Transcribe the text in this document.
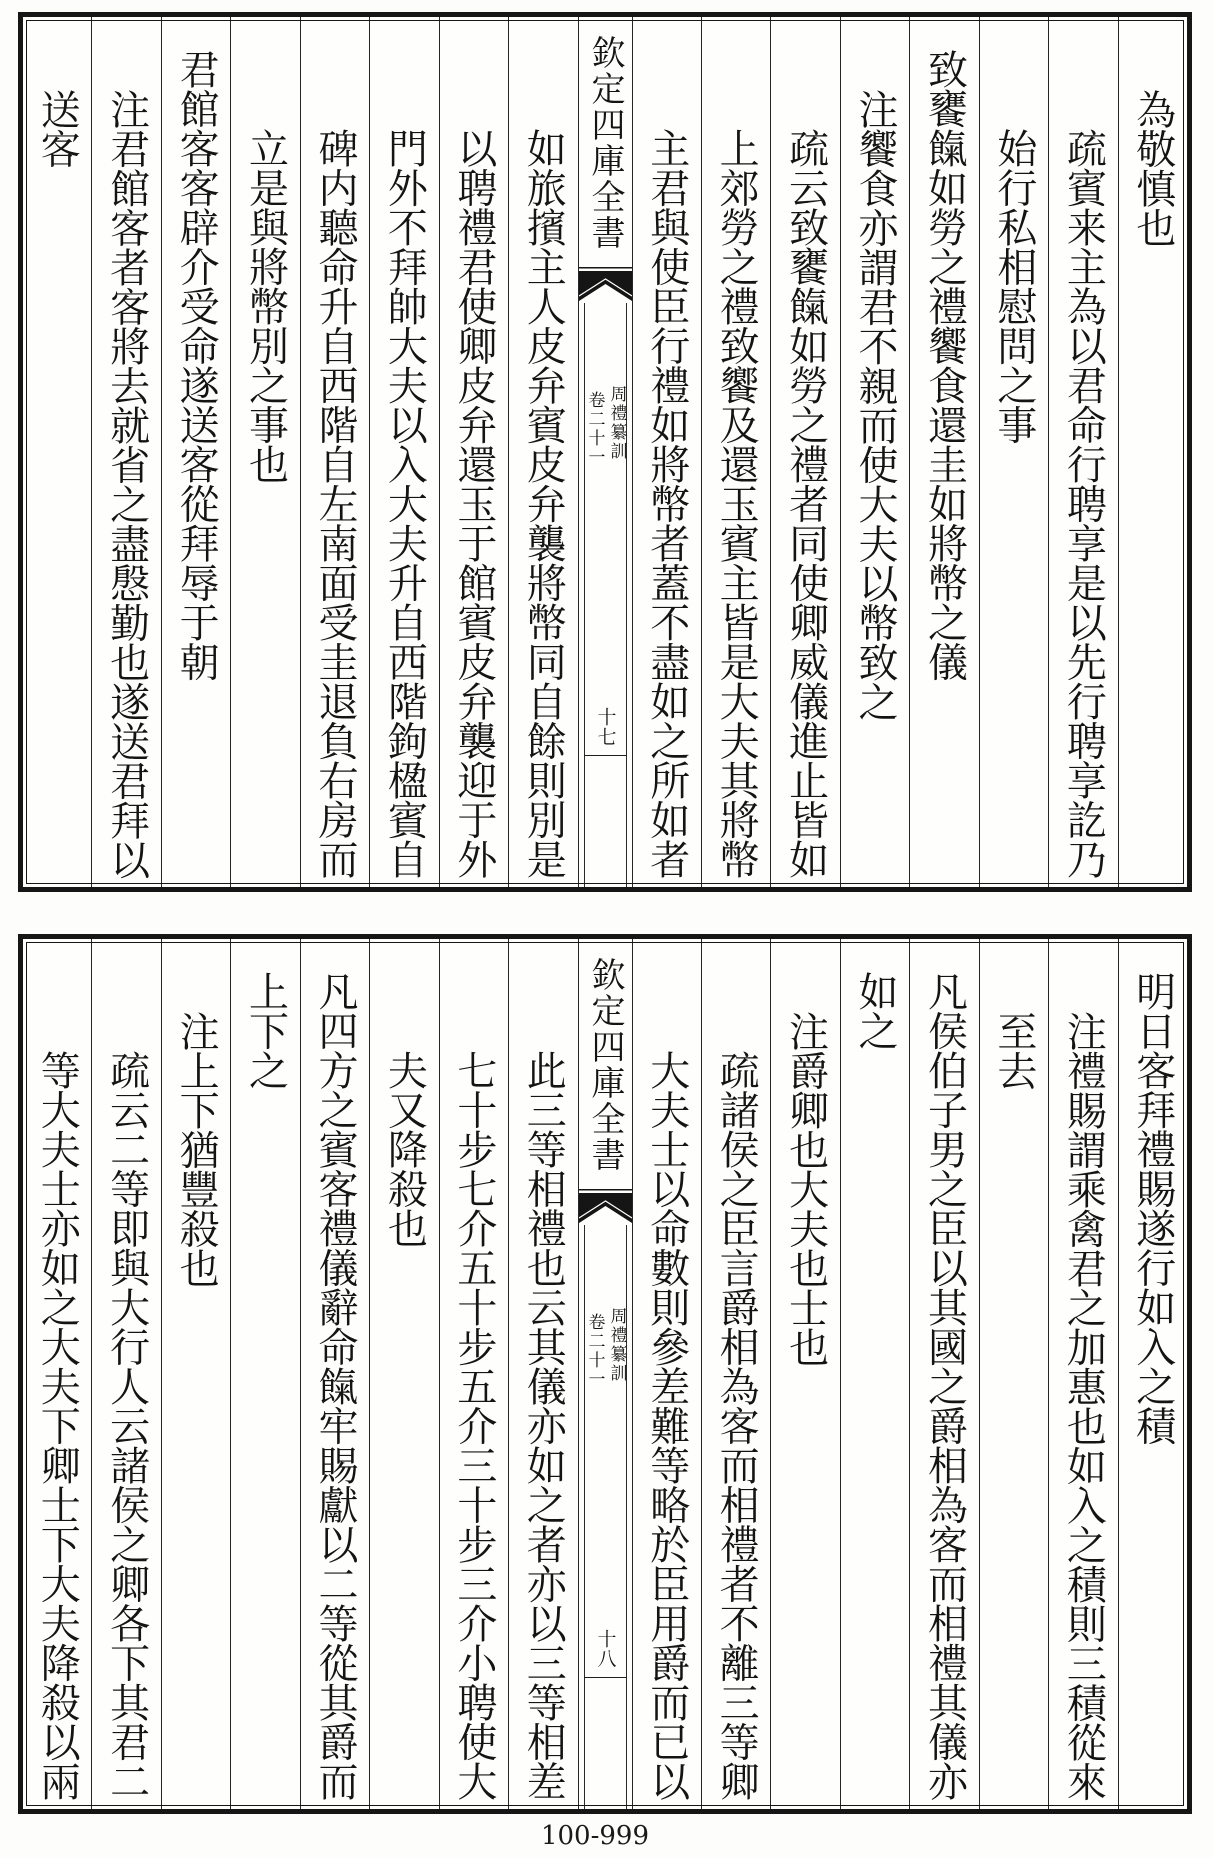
為敬慎也
疏賓来主為以君命行聘享是以先行聘享訖乃
始行私相慰問之事
致饔餼如勞之禮饗食還圭如將幣之儀
注饗食亦謂君不親而使大夫以幣致之
疏云致饔餼如勞之禮者同使卿威儀進止皆如
上郊勞之禮致饗及還玉賓主皆是大夫其將幣
主君與使臣行禮如將幣者蓋不盡如之所如者
欽定四庫全書
周禮纂訓
卷二十一
十七
如旅擯主人皮弁賓皮弁襲將幣同自餘則別是
以聘禮君使卿皮弁還玉于館賓皮弁襲迎于外
門外不拜帥大夫以入大夫升自西階鉤楹賓自
碑内聽命升自西階自左南面受圭退負右房而
立是與將幣別之事也
君館客客辟介受命遂送客從拜辱于朝
注君館客者客將去就省之盡慇勤也遂送君拜以
送客
明日客拜禮賜遂行如入之積
注禮賜謂乘禽君之加惠也如入之積則三積從來
至去
凡侯伯子男之臣以其國之爵相為客而相禮其儀亦
如之
注爵卿也大夫也士也
疏諸侯之臣言爵相為客而相禮者不離三等卿
大夫士以命數則參差難等略於臣用爵而已以
欽定四庫全書
周禮纂訓
卷二十一
十八
此三等相禮也云其儀亦如之者亦以三等相差
七十步七介五十步五介三十步三介小聘使大
夫又降殺也
凡四方之賓客禮儀辭命餼牢賜獻以二等從其爵而
上下之
注上下猶豐殺也
疏云二等即與大行人云諸侯之卿各下其君二
等大夫士亦如之大夫下卿士下大夫降殺以兩
100-999
